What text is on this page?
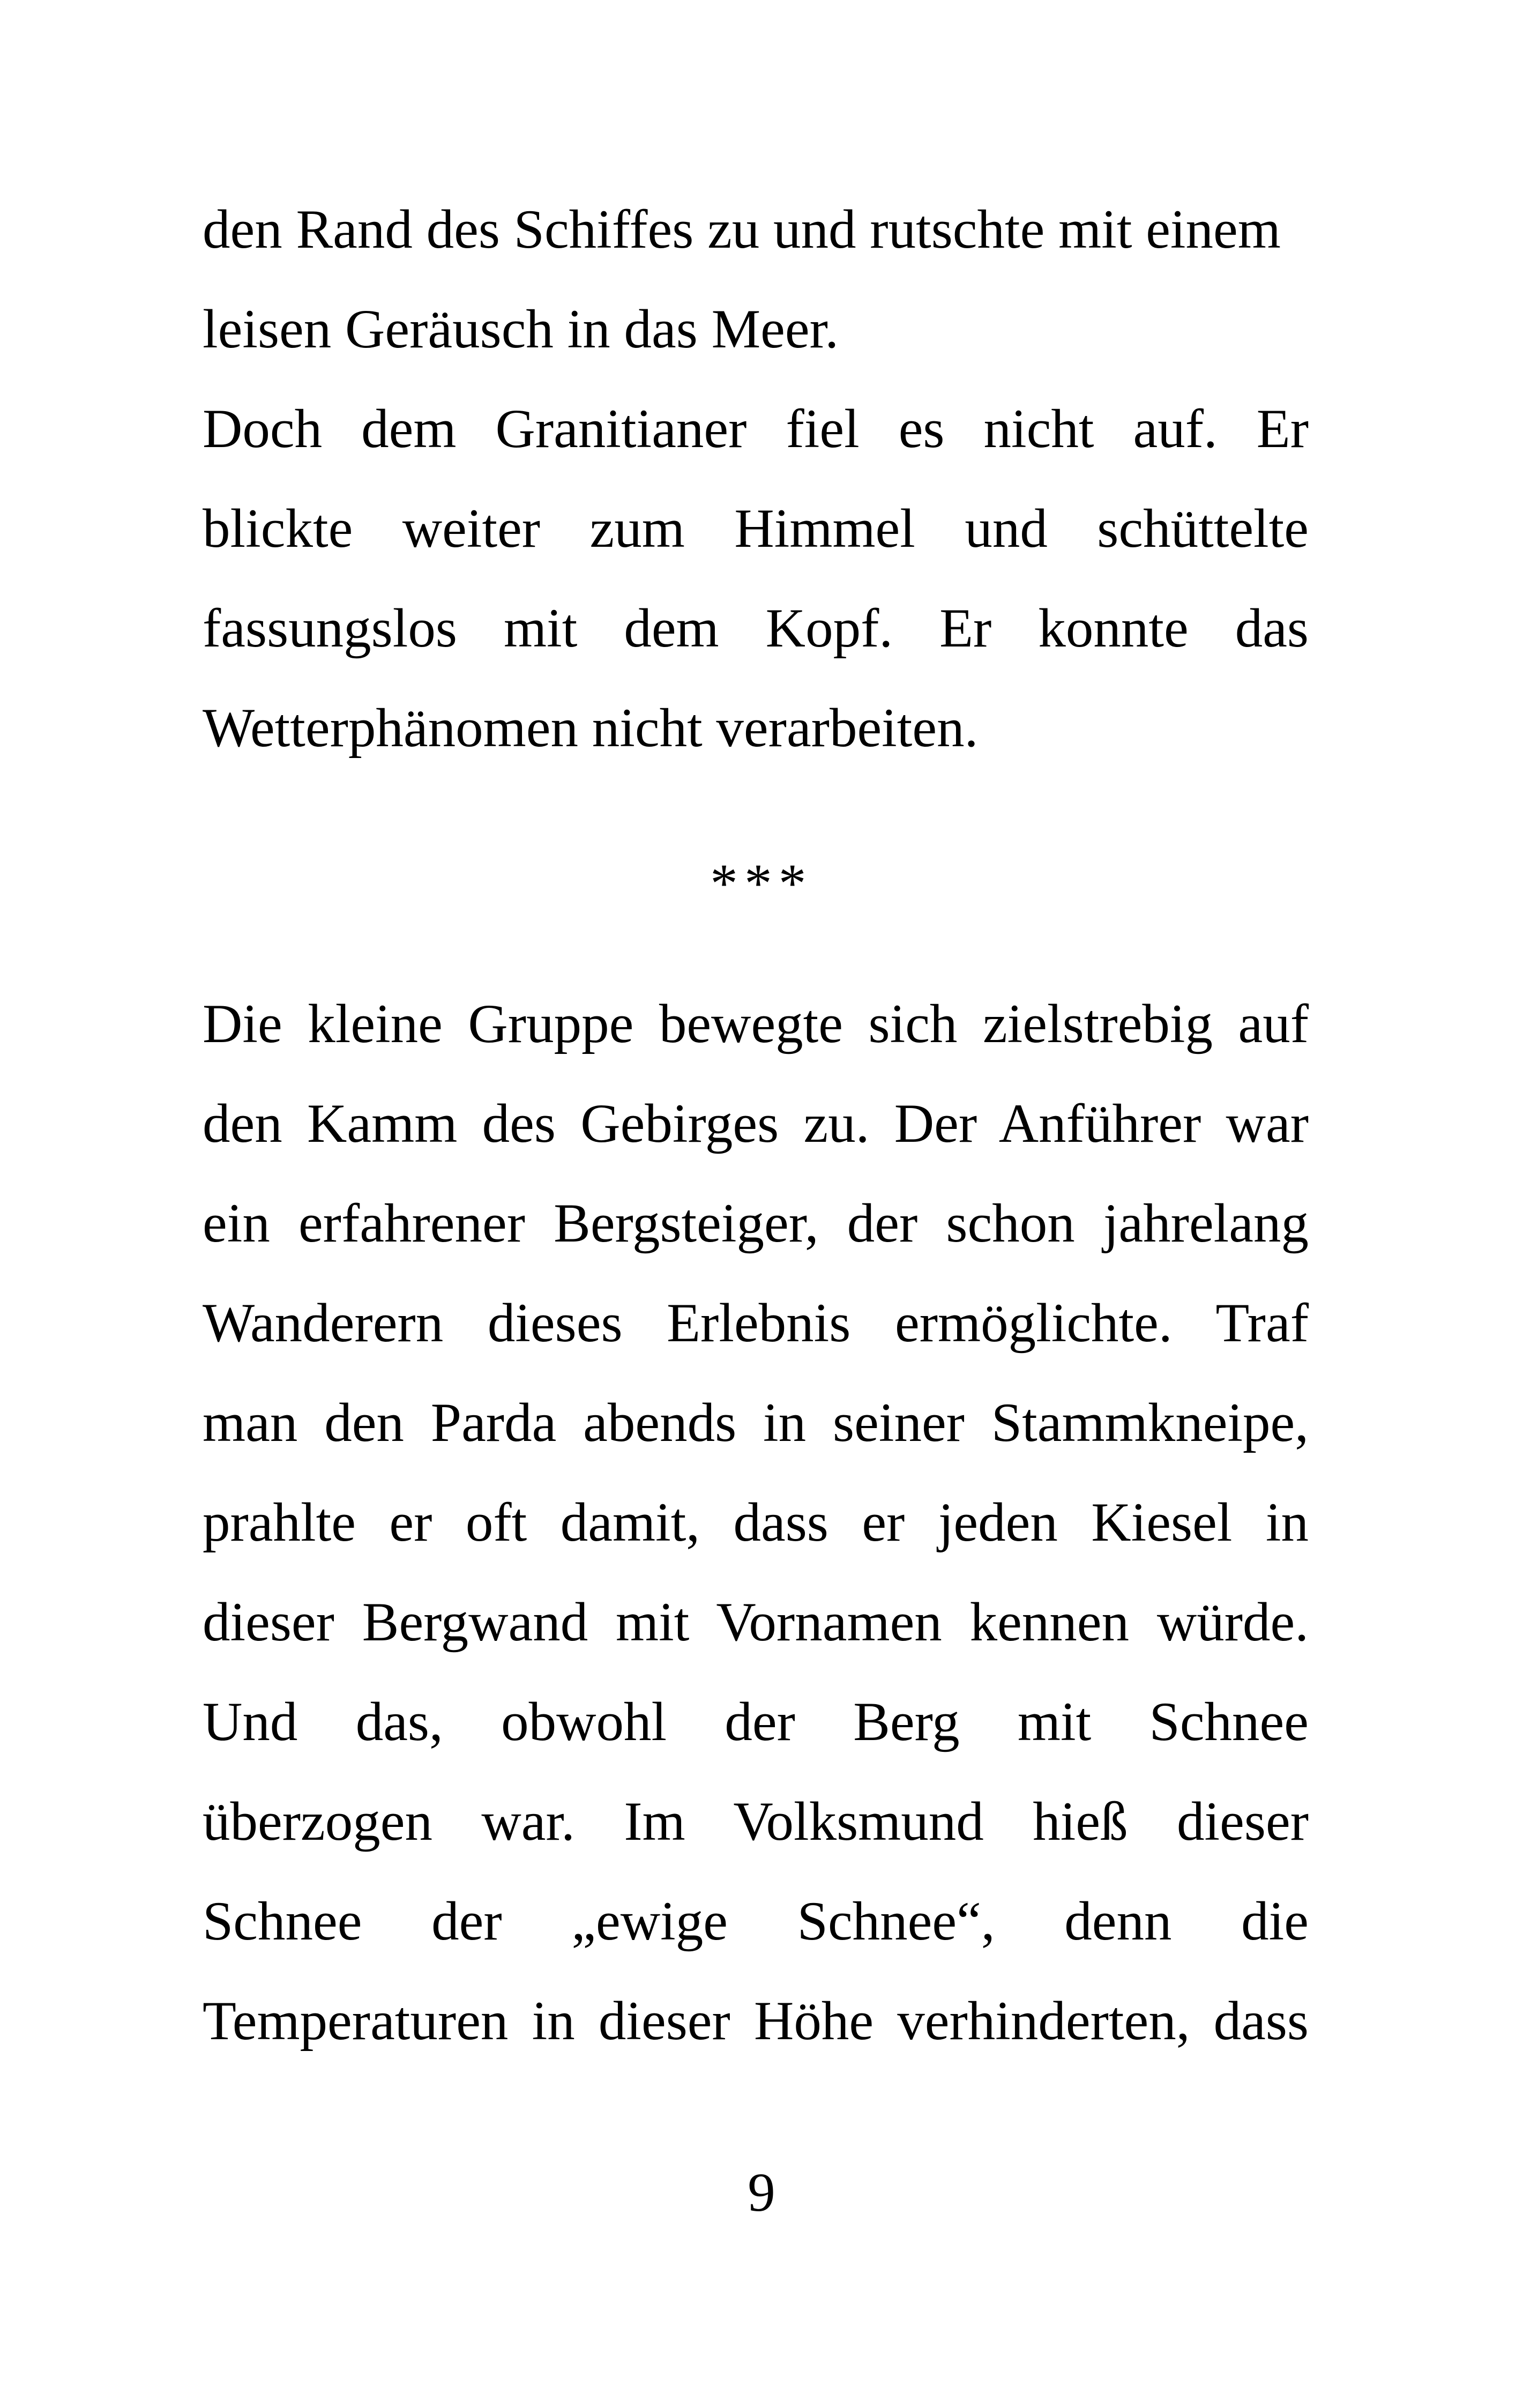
den Rand des Schiffes zu und rutschte mit einem
leisen Geräusch in das Meer.
Doch dem Granitianer fiel es nicht auf. Er
blickte weiter zum Himmel und schüttelte
fassungslos mit dem Kopf. Er konnte das
Wetterphänomen nicht verarbeiten.
***
Die kleine Gruppe bewegte sich zielstrebig auf
den Kamm des Gebirges zu. Der Anführer war
ein erfahrener Bergsteiger, der schon jahrelang
Wanderern dieses Erlebnis ermöglichte. Traf
man den Parda abends in seiner Stammkneipe,
prahlte er oft damit, dass er jeden Kiesel in
dieser Bergwand mit Vornamen kennen würde.
Und das, obwohl der Berg mit Schnee
überzogen war. Im Volksmund hieß dieser
Schnee der „ewige Schnee“, denn die
Temperaturen in dieser Höhe verhinderten, dass
9
